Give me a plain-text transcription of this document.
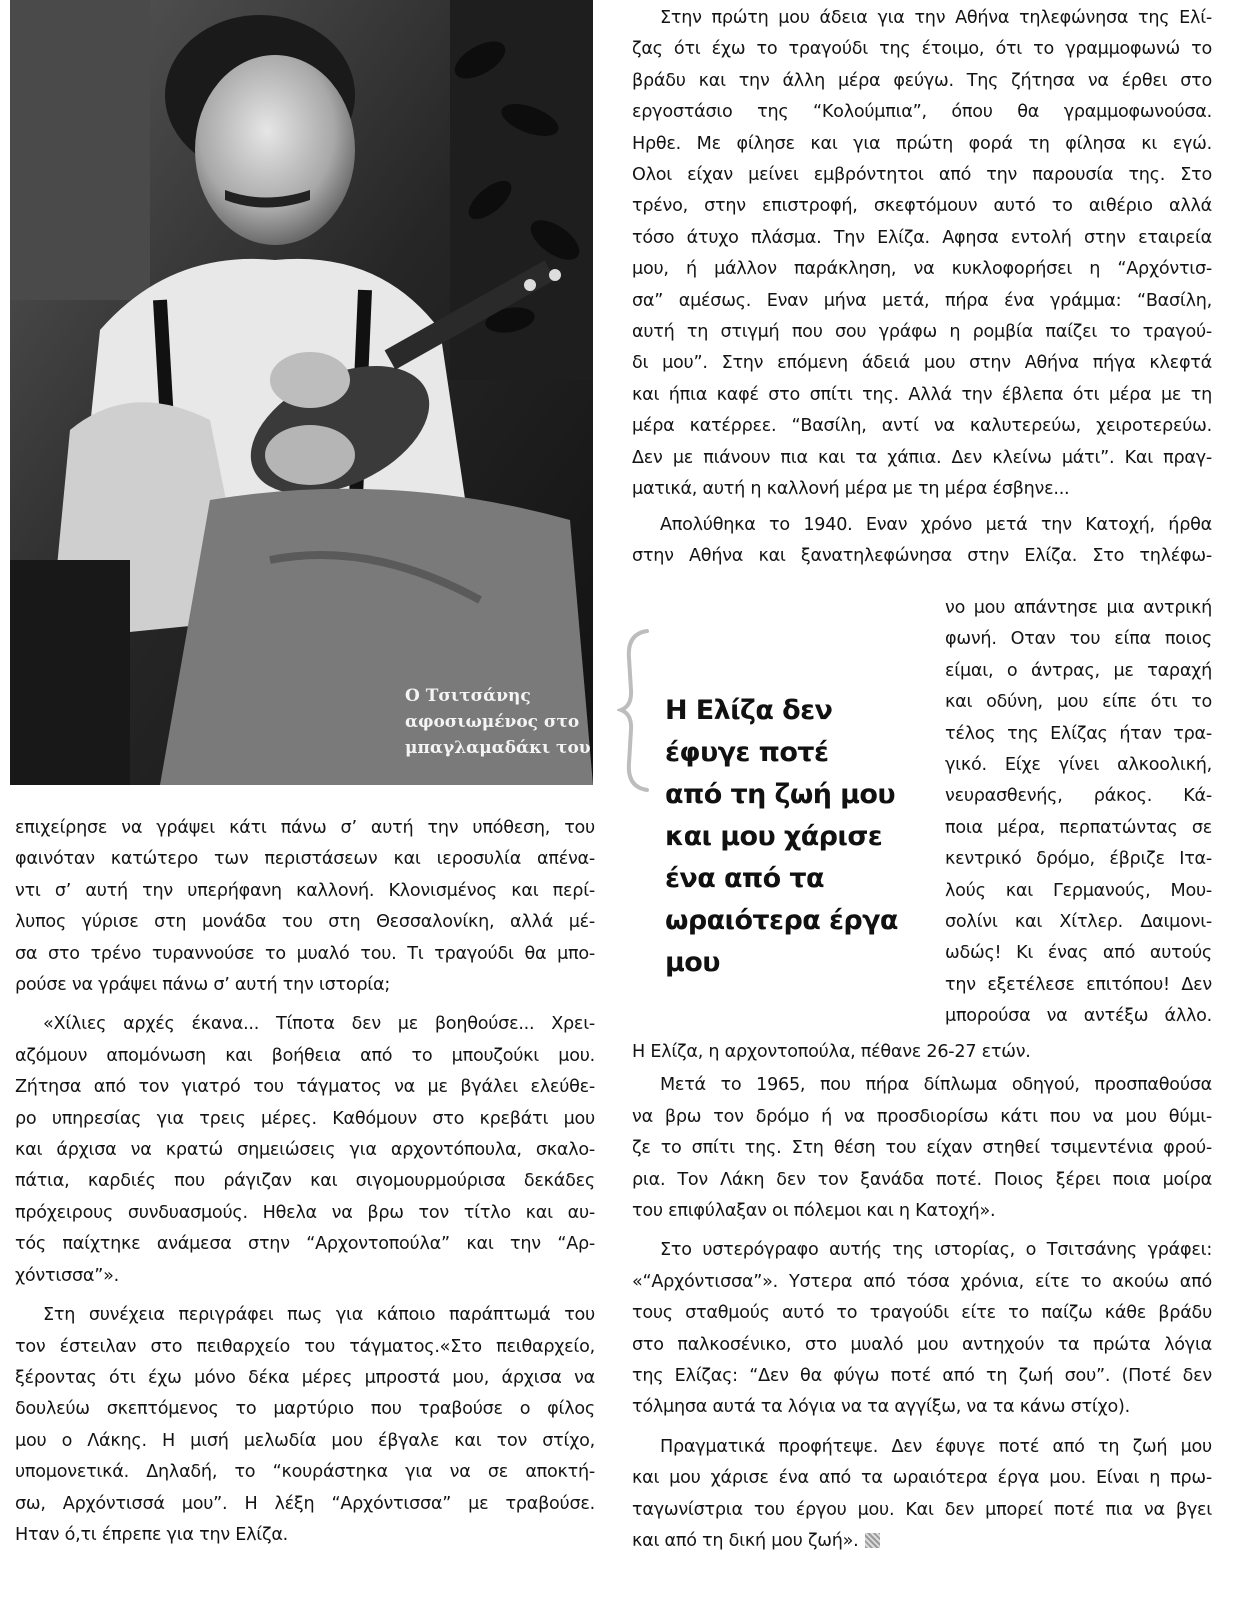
Ο Τσιτσάνης
αφοσιωμένος στο
μπαγλαμαδάκι του

επιχείρησε να γράψει κάτι πάνω σ’ αυτή την υπόθεση, του
φαινόταν κατώτερο των περιστάσεων και ιεροσυλία απένα-
ντι σ’ αυτή την υπερήφανη καλλονή. Κλονισμένος και περί-
λυπος γύρισε στη μονάδα του στη Θεσσαλονίκη, αλλά μέ-
σα στο τρένο τυραννούσε το μυαλό του. Τι τραγούδι θα μπο-
ρούσε να γράψει πάνω σ’ αυτή την ιστορία;

«Χίλιες αρχές έκανα... Τίποτα δεν με βοηθούσε... Χρει-
αζόμουν απομόνωση και βοήθεια από το μπουζούκι μου.
Ζήτησα από τον γιατρό του τάγματος να με βγάλει ελεύθε-
ρο υπηρεσίας για τρεις μέρες. Καθόμουν στο κρεβάτι μου
και άρχισα να κρατώ σημειώσεις για αρχοντόπουλα, σκαλο-
πάτια, καρδιές που ράγιζαν και σιγομουρμούρισα δεκάδες
πρόχειρους συνδυασμούς. Ηθελα να βρω τον τίτλο και αυ-
τός παίχτηκε ανάμεσα στην “Αρχοντοπούλα” και την “Αρ-
χόντισσα”».

Στη συνέχεια περιγράφει πως για κάποιο παράπτωμά του
τον έστειλαν στο πειθαρχείο του τάγματος.«Στο πειθαρχείο,
ξέροντας ότι έχω μόνο δέκα μέρες μπροστά μου, άρχισα να
δουλεύω σκεπτόμενος το μαρτύριο που τραβούσε ο φίλος
μου ο Λάκης. Η μισή μελωδία μου έβγαλε και τον στίχο,
υπομονετικά. Δηλαδή, το “κουράστηκα για να σε αποκτή-
σω, Αρχόντισσά μου”. Η λέξη “Αρχόντισσα” με τραβούσε.
Ηταν ό,τι έπρεπε για την Ελίζα.

Στην πρώτη μου άδεια για την Αθήνα τηλεφώνησα της Ελί-
ζας ότι έχω το τραγούδι της έτοιμο, ότι το γραμμοφωνώ το
βράδυ και την άλλη μέρα φεύγω. Της ζήτησα να έρθει στο
εργοστάσιο της “Κολούμπια”, όπου θα γραμμοφωνούσα.
Ηρθε. Με φίλησε και για πρώτη φορά τη φίλησα κι εγώ.
Ολοι είχαν μείνει εμβρόντητοι από την παρουσία της. Στο
τρένο, στην επιστροφή, σκεφτόμουν αυτό το αιθέριο αλλά
τόσο άτυχο πλάσμα. Την Ελίζα. Αφησα εντολή στην εταιρεία
μου, ή μάλλον παράκληση, να κυκλοφορήσει η “Αρχόντισ-
σα” αμέσως. Εναν μήνα μετά, πήρα ένα γράμμα: “Βασίλη,
αυτή τη στιγμή που σου γράφω η ρομβία παίζει το τραγού-
δι μου”. Στην επόμενη άδειά μου στην Αθήνα πήγα κλεφτά
και ήπια καφέ στο σπίτι της. Αλλά την έβλεπα ότι μέρα με τη
μέρα κατέρρεε. “Βασίλη, αντί να καλυτερεύω, χειροτερεύω.
Δεν με πιάνουν πια και τα χάπια. Δεν κλείνω μάτι”. Και πραγ-
ματικά, αυτή η καλλονή μέρα με τη μέρα έσβηνε...

Απολύθηκα το 1940. Εναν χρόνο μετά την Κατοχή, ήρθα
στην Αθήνα και ξανατηλεφώνησα στην Ελίζα. Στο τηλέφω-

νο μου απάντησε μια αντρική
φωνή. Οταν του είπα ποιος
είμαι, ο άντρας, με ταραχή
και οδύνη, μου είπε ότι το
τέλος της Ελίζας ήταν τρα-
γικό. Είχε γίνει αλκοολική,
νευρασθενής, ράκος. Κά-
ποια μέρα, περπατώντας σε
κεντρικό δρόμο, έβριζε Ιτα-
λούς και Γερμανούς, Μου-
σολίνι και Χίτλερ. Δαιμονι-
ωδώς! Κι ένας από αυτούς
την εξετέλεσε επιτόπου! Δεν
μπορούσα να αντέξω άλλο.
Η Ελίζα δεν
έφυγε ποτέ
από τη ζωή μου
και μου χάρισε
ένα από τα
ωραιότερα έργα
μου

Η Ελίζα, η αρχοντοπούλα, πέθανε 26-27 ετών.

Μετά το 1965, που πήρα δίπλωμα οδηγού, προσπαθούσα
να βρω τον δρόμο ή να προσδιορίσω κάτι που να μου θύμι-
ζε το σπίτι της. Στη θέση του είχαν στηθεί τσιμεντένια φρού-
ρια. Τον Λάκη δεν τον ξανάδα ποτέ. Ποιος ξέρει ποια μοίρα
του επιφύλαξαν οι πόλεμοι και η Κατοχή».

Στο υστερόγραφο αυτής της ιστορίας, ο Τσιτσάνης γράφει:
«“Αρχόντισσα”». Υστερα από τόσα χρόνια, είτε το ακούω από
τους σταθμούς αυτό το τραγούδι είτε το παίζω κάθε βράδυ
στο παλκοσένικο, στο μυαλό μου αντηχούν τα πρώτα λόγια
της Ελίζας: “Δεν θα φύγω ποτέ από τη ζωή σου”. (Ποτέ δεν
τόλμησα αυτά τα λόγια να τα αγγίξω, να τα κάνω στίχο).

Πραγματικά προφήτεψε. Δεν έφυγε ποτέ από τη ζωή μου
και μου χάρισε ένα από τα ωραιότερα έργα μου. Είναι η πρω-
ταγωνίστρια του έργου μου. Και δεν μπορεί ποτέ πια να βγει
και από τη δική μου ζωή».
